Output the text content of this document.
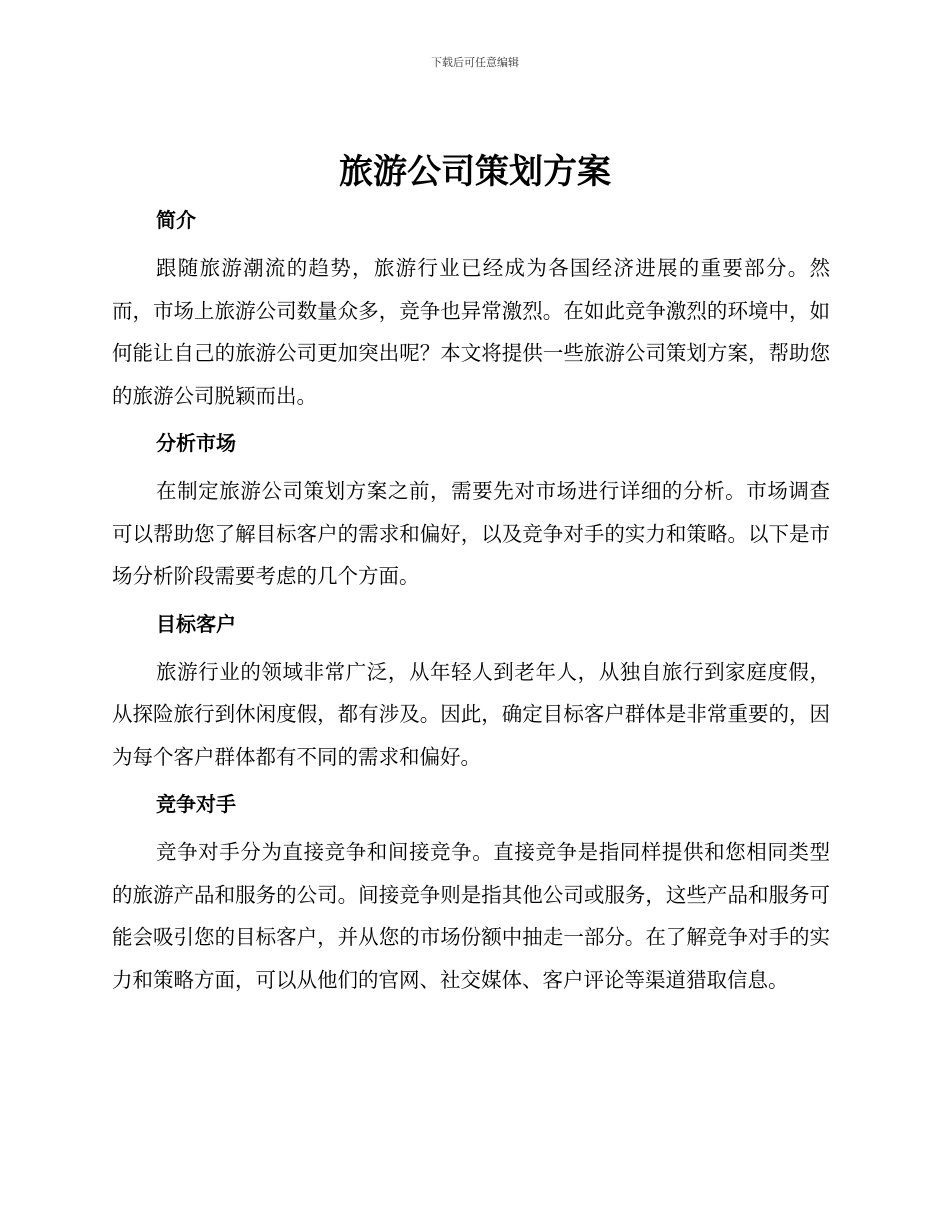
下载后可任意编辑
旅游公司策划方案
简介

跟随旅游潮流的趋势，旅游行业已经成为各国经济进展的重要部分。然而，市场上旅游公司数量众多，竞争也异常激烈。在如此竞争激烈的环境中，如何能让自己的旅游公司更加突出呢？本文将提供一些旅游公司策划方案，帮助您的旅游公司脱颖而出。

分析市场

在制定旅游公司策划方案之前，需要先对市场进行详细的分析。市场调查可以帮助您了解目标客户的需求和偏好，以及竞争对手的实力和策略。以下是市场分析阶段需要考虑的几个方面。

目标客户

旅游行业的领域非常广泛，从年轻人到老年人，从独自旅行到家庭度假，从探险旅行到休闲度假，都有涉及。因此，确定目标客户群体是非常重要的，因为每个客户群体都有不同的需求和偏好。

竞争对手

竞争对手分为直接竞争和间接竞争。直接竞争是指同样提供和您相同类型的旅游产品和服务的公司。间接竞争则是指其他公司或服务，这些产品和服务可能会吸引您的目标客户，并从您的市场份额中抽走一部分。在了解竞争对手的实力和策略方面，可以从他们的官网、社交媒体、客户评论等渠道猎取信息。
